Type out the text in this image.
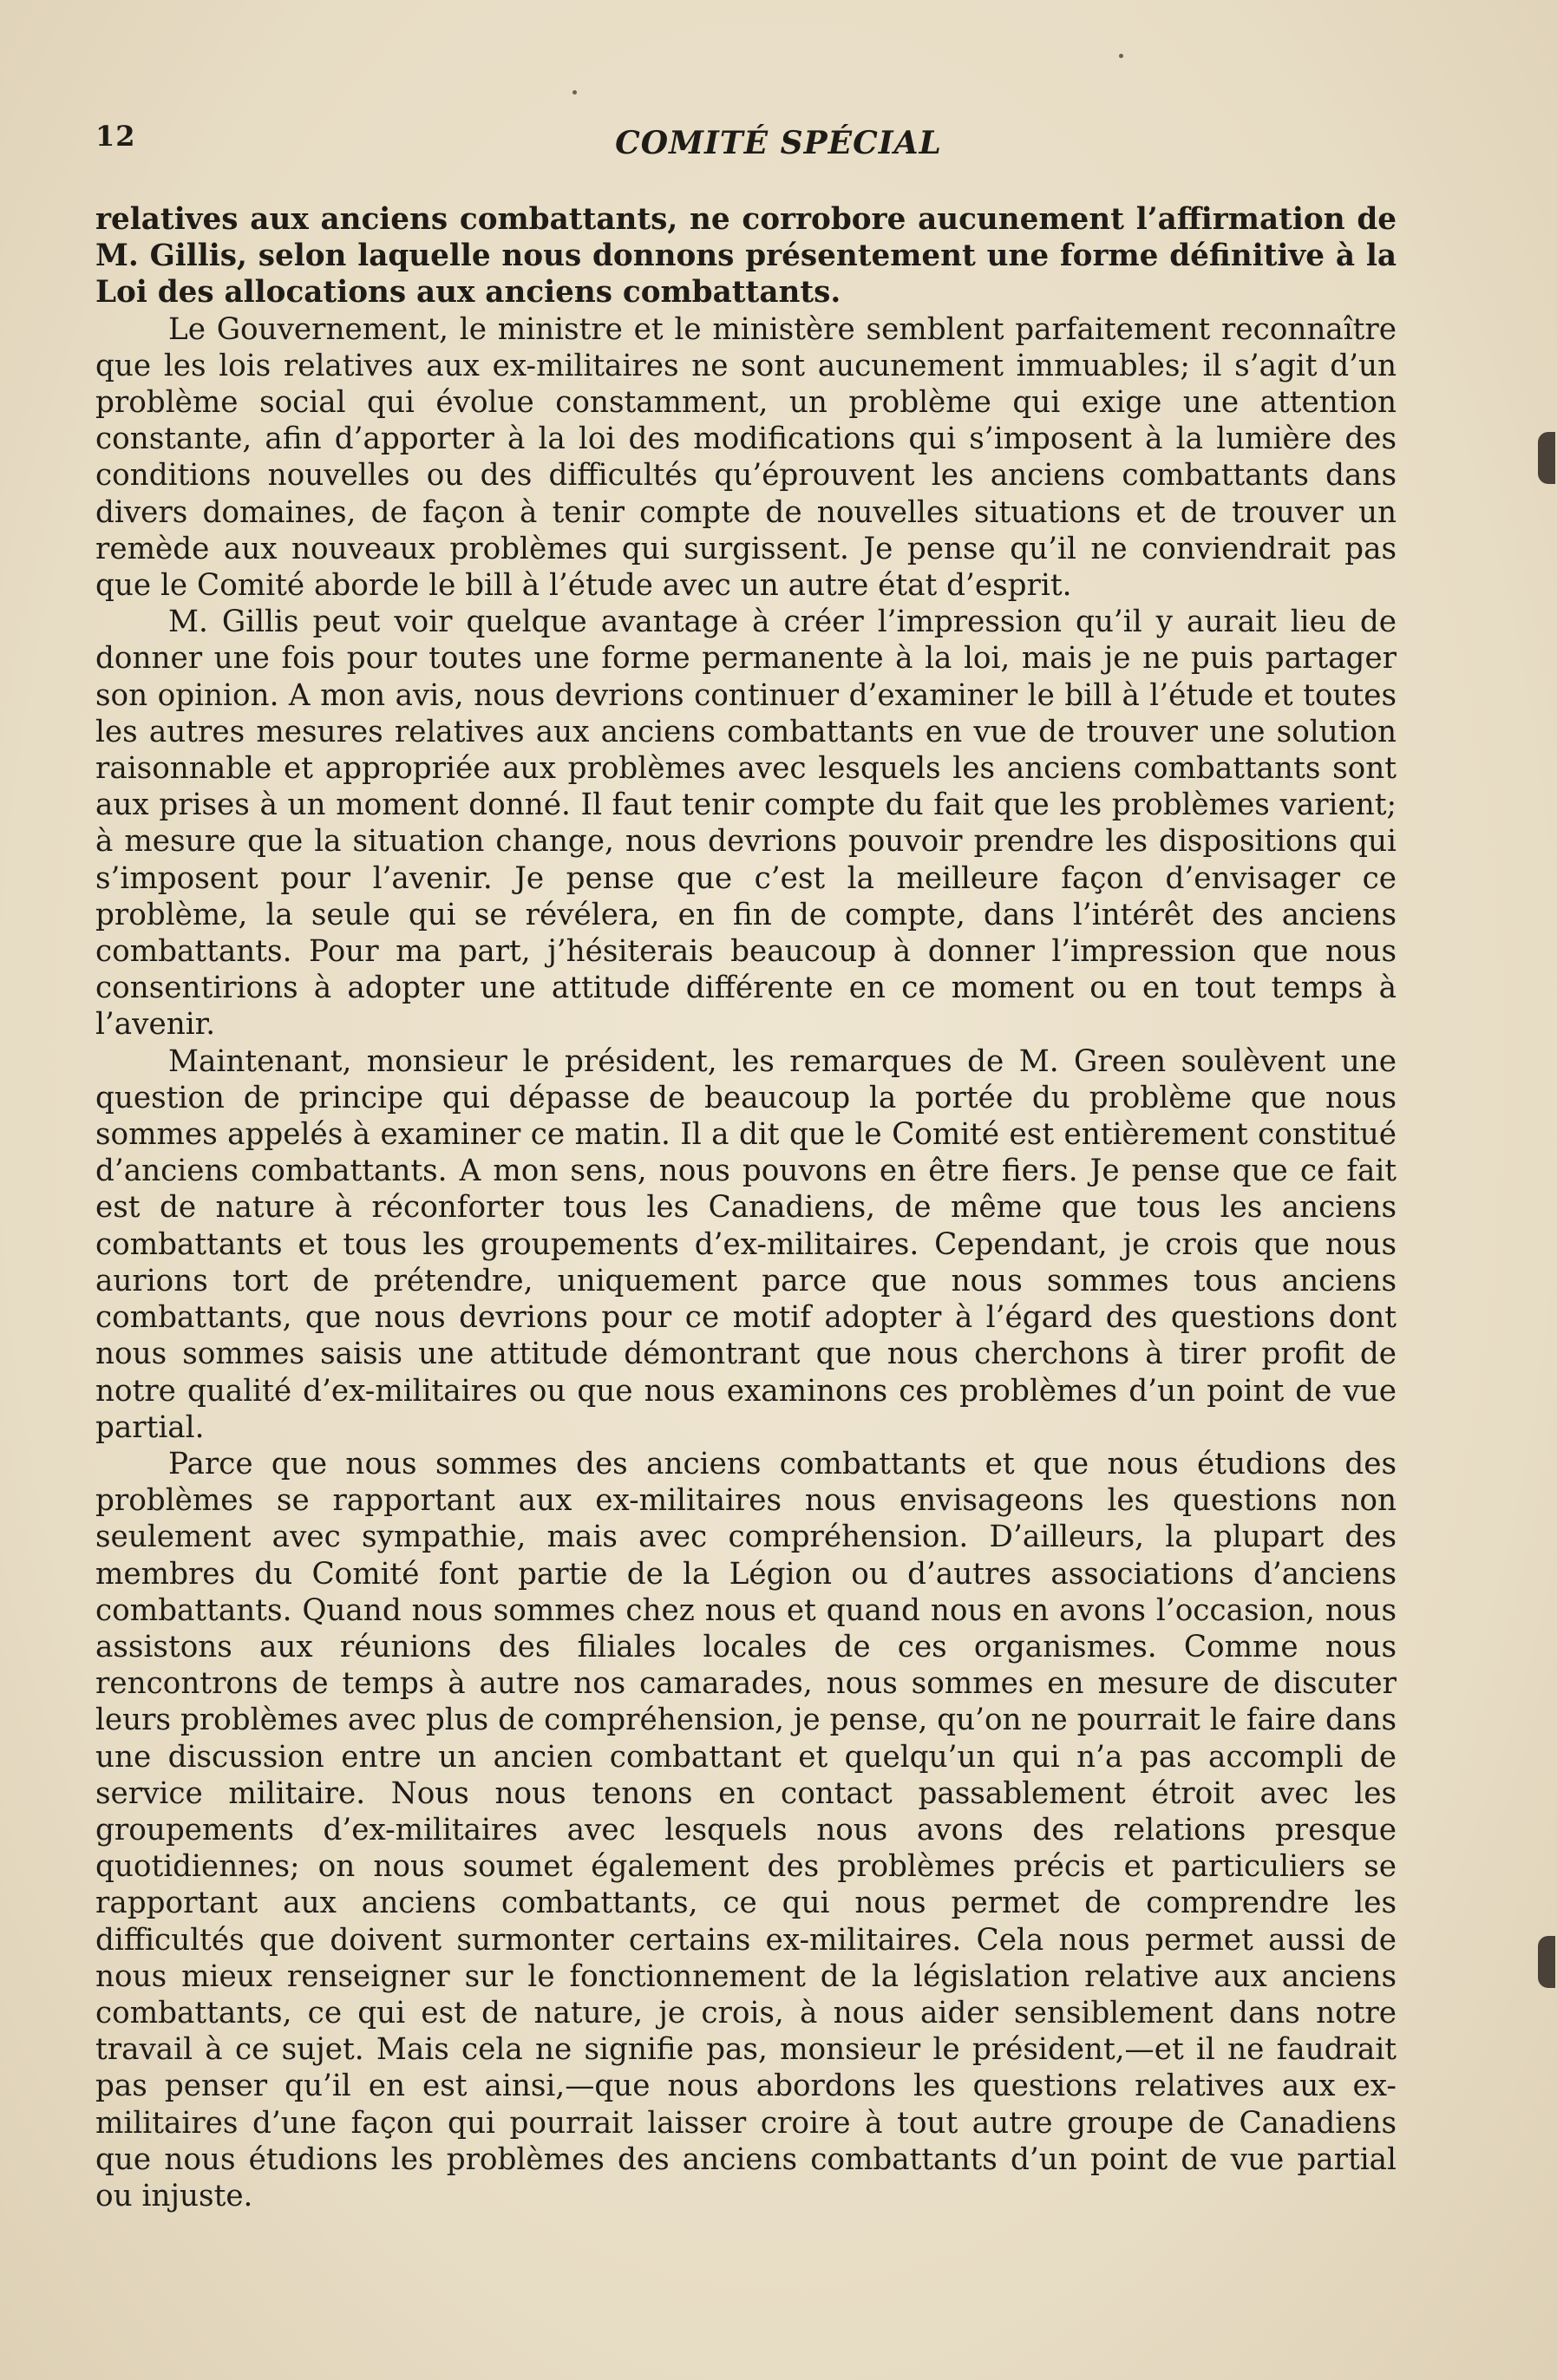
12	COMITÉ SPÉCIAL

relatives aux anciens combattants, ne corrobore aucunement l’affirmation de M. Gillis, selon laquelle nous donnons présentement une forme définitive à la Loi des allocations aux anciens combattants.

Le Gouvernement, le ministre et le ministère semblent parfaitement reconnaître que les lois relatives aux ex-militaires ne sont aucunement immuables; il s’agit d’un problème social qui évolue constamment, un problème qui exige une attention constante, afin d’apporter à la loi des modifications qui s’imposent à la lumière des conditions nouvelles ou des difficultés qu’éprouvent les anciens combattants dans divers domaines, de façon à tenir compte de nouvelles situations et de trouver un remède aux nouveaux problèmes qui surgissent. Je pense qu’il ne conviendrait pas que le Comité aborde le bill à l’étude avec un autre état d’esprit.

M. Gillis peut voir quelque avantage à créer l’impression qu’il y aurait lieu de donner une fois pour toutes une forme permanente à la loi, mais je ne puis partager son opinion. A mon avis, nous devrions continuer d’examiner le bill à l’étude et toutes les autres mesures relatives aux anciens combattants en vue de trouver une solution raisonnable et appropriée aux problèmes avec lesquels les anciens combattants sont aux prises à un moment donné. Il faut tenir compte du fait que les problèmes varient; à mesure que la situation change, nous devrions pouvoir prendre les dispositions qui s’imposent pour l’avenir. Je pense que c’est la meilleure façon d’envisager ce problème, la seule qui se révélera, en fin de compte, dans l’intérêt des anciens combattants. Pour ma part, j’hésiterais beaucoup à donner l’impression que nous consentirions à adopter une attitude différente en ce moment ou en tout temps à l’avenir.

Maintenant, monsieur le président, les remarques de M. Green soulèvent une question de principe qui dépasse de beaucoup la portée du problème que nous sommes appelés à examiner ce matin. Il a dit que le Comité est entièrement constitué d’anciens combattants. A mon sens, nous pouvons en être fiers. Je pense que ce fait est de nature à réconforter tous les Canadiens, de même que tous les anciens combattants et tous les groupements d’ex-militaires. Cependant, je crois que nous aurions tort de prétendre, uniquement parce que nous sommes tous anciens combattants, que nous devrions pour ce motif adopter à l’égard des questions dont nous sommes saisis une attitude démontrant que nous cherchons à tirer profit de notre qualité d’ex-militaires ou que nous examinons ces problèmes d’un point de vue partial.

Parce que nous sommes des anciens combattants et que nous étudions des problèmes se rapportant aux ex-militaires nous envisageons les questions non seulement avec sympathie, mais avec compréhension. D’ailleurs, la plupart des membres du Comité font partie de la Légion ou d’autres associations d’anciens combattants. Quand nous sommes chez nous et quand nous en avons l’occasion, nous assistons aux réunions des filiales locales de ces organismes. Comme nous rencontrons de temps à autre nos camarades, nous sommes en mesure de discuter leurs problèmes avec plus de compréhension, je pense, qu’on ne pourrait le faire dans une discussion entre un ancien combattant et quelqu’un qui n’a pas accompli de service militaire. Nous nous tenons en contact passablement étroit avec les groupements d’ex-militaires avec lesquels nous avons des relations presque quotidiennes; on nous soumet également des problèmes précis et particuliers se rapportant aux anciens combattants, ce qui nous permet de comprendre les difficultés que doivent surmonter certains ex-militaires. Cela nous permet aussi de nous mieux renseigner sur le fonctionnement de la législation relative aux anciens combattants, ce qui est de nature, je crois, à nous aider sensiblement dans notre travail à ce sujet. Mais cela ne signifie pas, monsieur le président,—et il ne faudrait pas penser qu’il en est ainsi,—que nous abordons les questions relatives aux ex-militaires d’une façon qui pourrait laisser croire à tout autre groupe de Canadiens que nous étudions les problèmes des anciens combattants d’un point de vue partial ou injuste.
